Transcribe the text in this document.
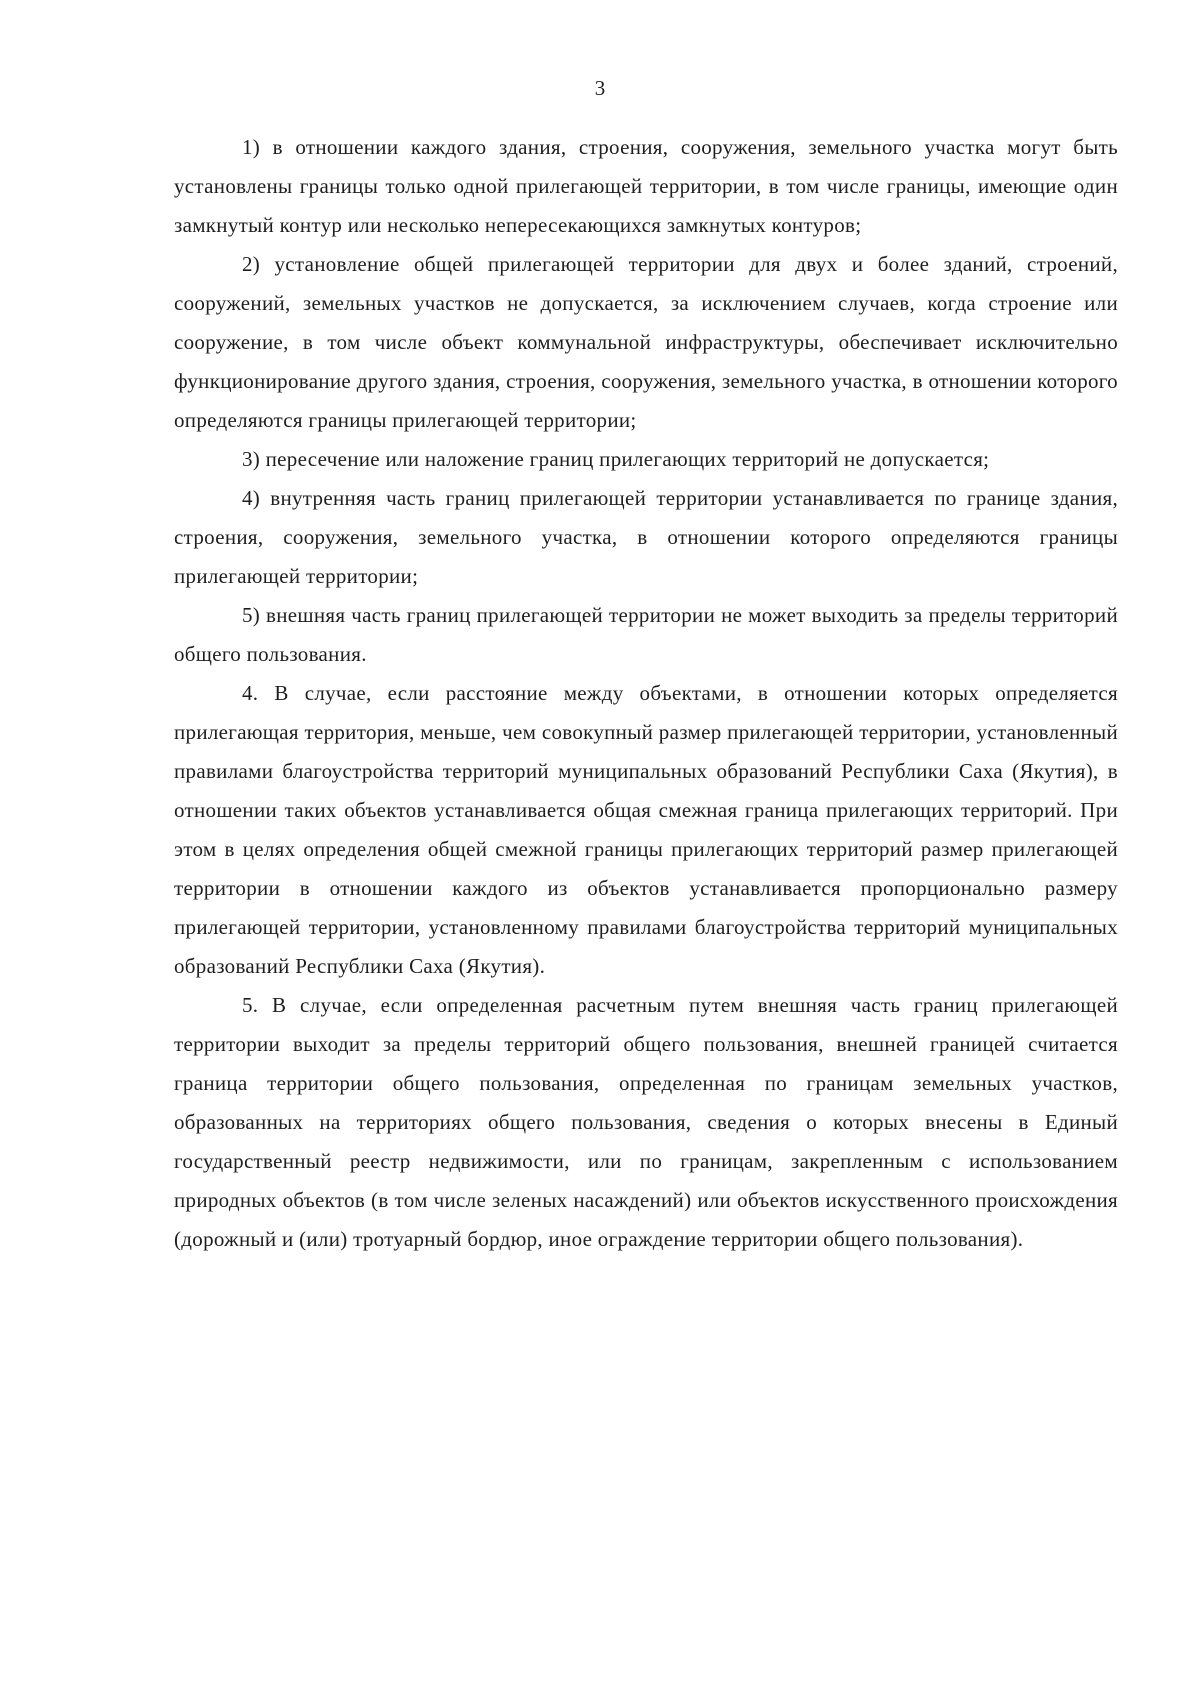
3

1) в отношении каждого здания, строения, сооружения, земельного участка могут быть установлены границы только одной прилегающей территории, в том числе границы, имеющие один замкнутый контур или несколько непересекающихся замкнутых контуров;

2) установление общей прилегающей территории для двух и более зданий, строений, сооружений, земельных участков не допускается, за исключением случаев, когда строение или сооружение, в том числе объект коммунальной инфраструктуры, обеспечивает исключительно функционирование другого здания, строения, сооружения, земельного участка, в отношении которого определяются границы прилегающей территории;

3) пересечение или наложение границ прилегающих территорий не допускается;

4) внутренняя часть границ прилегающей территории устанавливается по границе здания, строения, сооружения, земельного участка, в отношении которого определяются границы прилегающей территории;

5) внешняя часть границ прилегающей территории не может выходить за пределы территорий общего пользования.

4. В случае, если расстояние между объектами, в отношении которых определяется прилегающая территория, меньше, чем совокупный размер прилегающей территории, установленный правилами благоустройства территорий муниципальных образований Республики Саха (Якутия), в отношении таких объектов устанавливается общая смежная граница прилегающих территорий. При этом в целях определения общей смежной границы прилегающих территорий размер прилегающей территории в отношении каждого из объектов устанавливается пропорционально размеру прилегающей территории, установленному правилами благоустройства территорий муниципальных образований Республики Саха (Якутия).

5. В случае, если определенная расчетным путем внешняя часть границ прилегающей территории выходит за пределы территорий общего пользования, внешней границей считается граница территории общего пользования, определенная по границам земельных участков, образованных на территориях общего пользования, сведения о которых внесены в Единый государственный реестр недвижимости, или по границам, закрепленным с использованием природных объектов (в том числе зеленых насаждений) или объектов искусственного происхождения (дорожный и (или) тротуарный бордюр, иное ограждение территории общего пользования).
